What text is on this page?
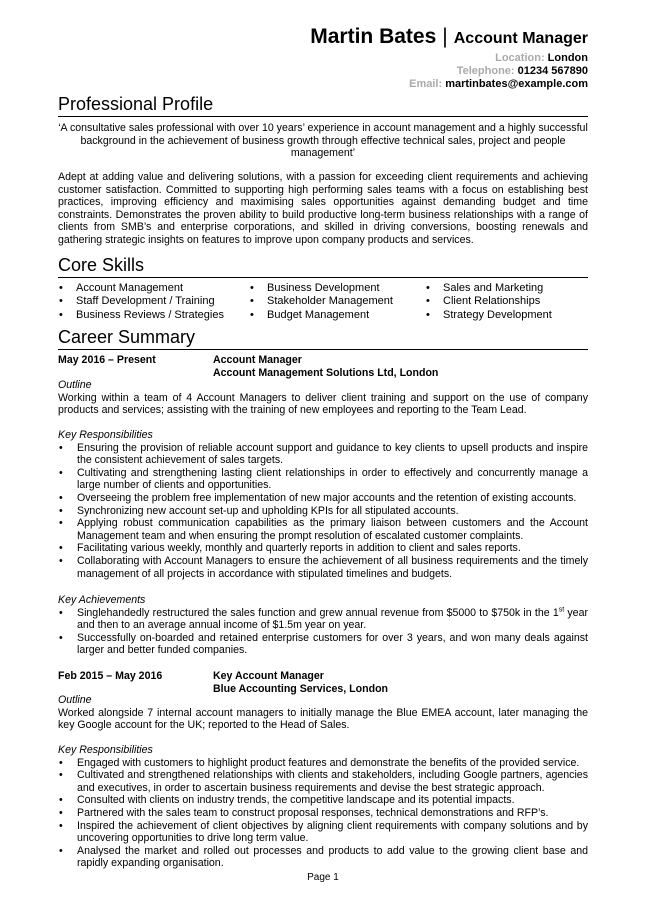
Martin Bates | Account Manager
Location: London
Telephone: 01234 567890
Email: martinbates@example.com
Professional Profile
‘A consultative sales professional with over 10 years’ experience in account management and a highly successful background in the achievement of business growth through effective technical sales, project and people management’
Adept at adding value and delivering solutions, with a passion for exceeding client requirements and achieving customer satisfaction. Committed to supporting high performing sales teams with a focus on establishing best practices, improving efficiency and maximising sales opportunities against demanding budget and time constraints. Demonstrates the proven ability to build productive long-term business relationships with a range of clients from SMB’s and enterprise corporations, and skilled in driving conversions, boosting renewals and gathering strategic insights on features to improve upon company products and services.
Core Skills
• Account Management
• Staff Development / Training
• Business Reviews / Strategies
• Business Development
• Stakeholder Management
• Budget Management
• Sales and Marketing
• Client Relationships
• Strategy Development
Career Summary
May 2016 – Present	Account Manager
Account Management Solutions Ltd, London
Outline
Working within a team of 4 Account Managers to deliver client training and support on the use of company products and services; assisting with the training of new employees and reporting to the Team Lead.
Key Responsibilities
• Ensuring the provision of reliable account support and guidance to key clients to upsell products and inspire the consistent achievement of sales targets.
• Cultivating and strengthening lasting client relationships in order to effectively and concurrently manage a large number of clients and opportunities.
• Overseeing the problem free implementation of new major accounts and the retention of existing accounts.
• Synchronizing new account set-up and upholding KPIs for all stipulated accounts.
• Applying robust communication capabilities as the primary liaison between customers and the Account Management team and when ensuring the prompt resolution of escalated customer complaints.
• Facilitating various weekly, monthly and quarterly reports in addition to client and sales reports.
• Collaborating with Account Managers to ensure the achievement of all business requirements and the timely management of all projects in accordance with stipulated timelines and budgets.
Key Achievements
• Singlehandedly restructured the sales function and grew annual revenue from $5000 to $750k in the 1st year and then to an average annual income of $1.5m year on year.
• Successfully on-boarded and retained enterprise customers for over 3 years, and won many deals against larger and better funded companies.
Feb 2015 – May 2016	Key Account Manager
Blue Accounting Services, London
Outline
Worked alongside 7 internal account managers to initially manage the Blue EMEA account, later managing the key Google account for the UK; reported to the Head of Sales.
Key Responsibilities
• Engaged with customers to highlight product features and demonstrate the benefits of the provided service.
• Cultivated and strengthened relationships with clients and stakeholders, including Google partners, agencies and executives, in order to ascertain business requirements and devise the best strategic approach.
• Consulted with clients on industry trends, the competitive landscape and its potential impacts.
• Partnered with the sales team to construct proposal responses, technical demonstrations and RFP’s.
• Inspired the achievement of client objectives by aligning client requirements with company solutions and by uncovering opportunities to drive long term value.
• Analysed the market and rolled out processes and products to add value to the growing client base and rapidly expanding organisation.
Page 1
